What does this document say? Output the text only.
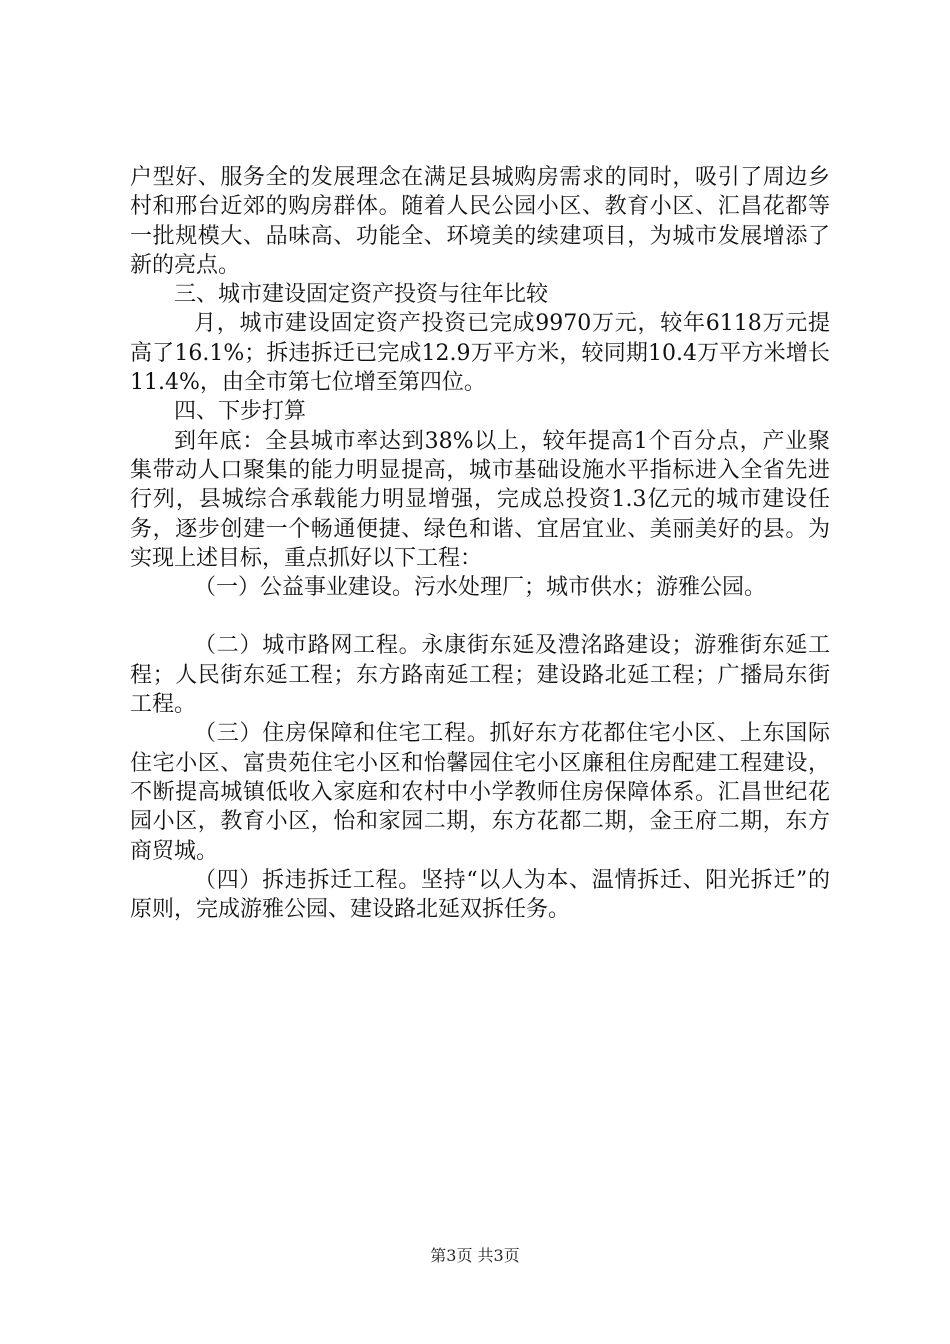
户型好、服务全的发展理念在满足县城购房需求的同时，吸引了周边乡村和邢台近郊的购房群体。随着人民公园小区、教育小区、汇昌花都等一批规模大、品味高、功能全、环境美的续建项目，为城市发展增添了新的亮点。

三、城市建设固定资产投资与往年比较

月，城市建设固定资产投资已完成9970万元，较年6118万元提高了16.1%；拆违拆迁已完成12.9万平方米，较同期10.4万平方米增长11.4%，由全市第七位增至第四位。

四、下步打算

到年底：全县城市率达到38%以上，较年提高1个百分点，产业聚集带动人口聚集的能力明显提高，城市基础设施水平指标进入全省先进行列，县城综合承载能力明显增强，完成总投资1.3亿元的城市建设任务，逐步创建一个畅通便捷、绿色和谐、宜居宜业、美丽美好的县。为实现上述目标，重点抓好以下工程：

（一）公益事业建设。污水处理厂；城市供水；游雅公园。

（二）城市路网工程。永康街东延及澧洺路建设；游雅街东延工程；人民街东延工程；东方路南延工程；建设路北延工程；广播局东街工程。

（三）住房保障和住宅工程。抓好东方花都住宅小区、上东国际住宅小区、富贵苑住宅小区和怡馨园住宅小区廉租住房配建工程建设，不断提高城镇低收入家庭和农村中小学教师住房保障体系。汇昌世纪花园小区，教育小区，怡和家园二期，东方花都二期，金王府二期，东方商贸城。

（四）拆违拆迁工程。坚持“以人为本、温情拆迁、阳光拆迁”的原则，完成游雅公园、建设路北延双拆任务。

第3页 共3页
